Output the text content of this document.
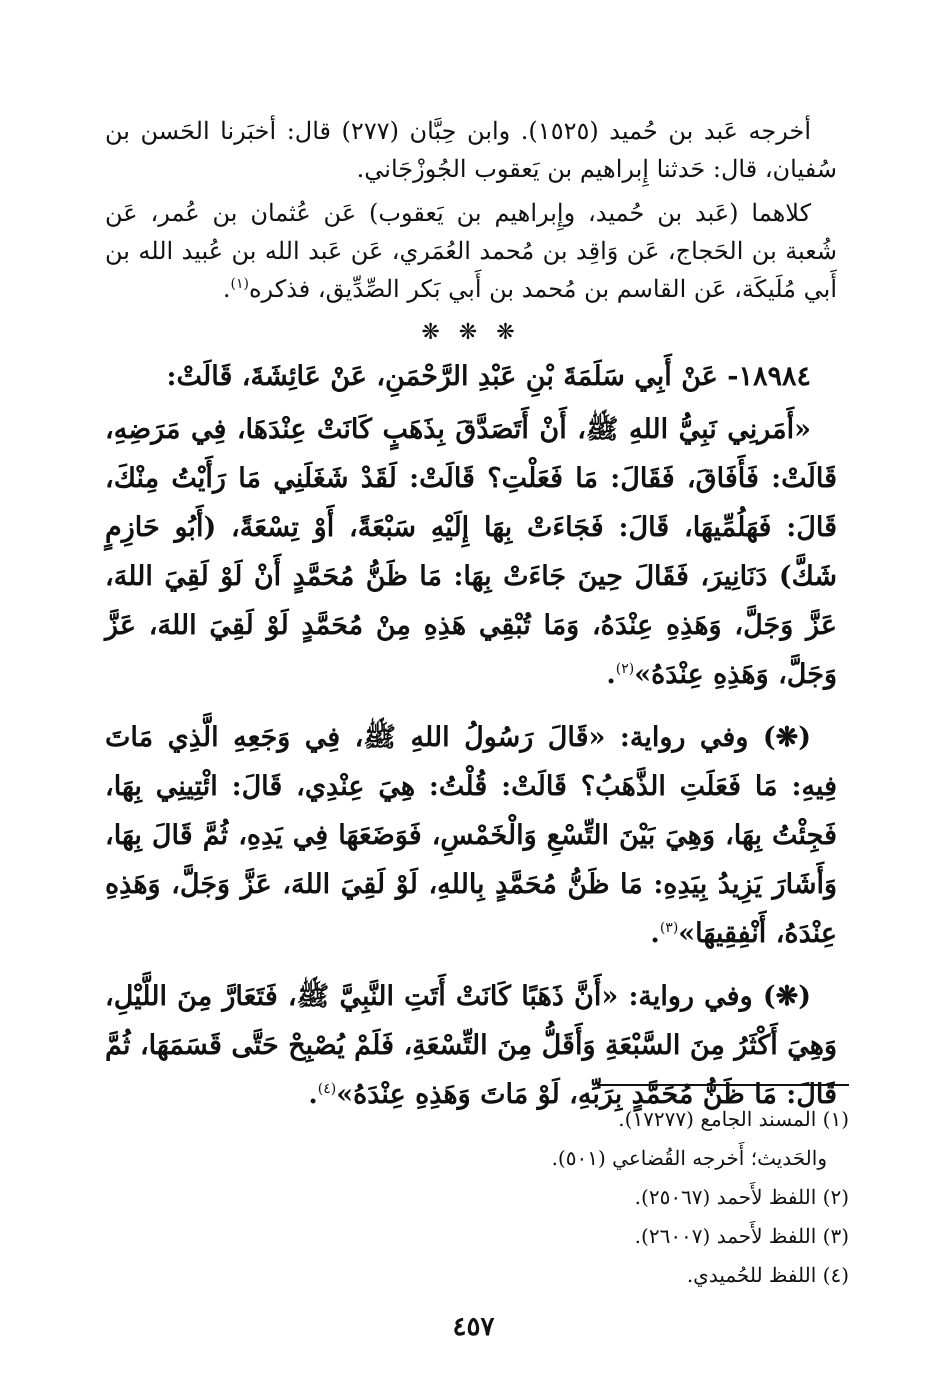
أخرجه عَبد بن حُميد (١٥٢٥). وابن حِبَّان (٢٧٧) قال: أخبَرنا الحَسن بن سُفيان، قال: حَدثنا إِبراهيم بن يَعقوب الجُوزْجَاني.

كلاهما (عَبد بن حُميد، وإِبراهيم بن يَعقوب) عَن عُثمان بن عُمر، عَن شُعبة بن الحَجاج، عَن وَاقِد بن مُحمد العُمَري، عَن عَبد الله بن عُبيد الله بن أَبي مُلَيكَة، عَن القاسم بن مُحمد بن أَبي بَكر الصِّدِّيق، فذكره$^{(١)}$.

❋ ❋ ❋

١٨٩٨٤- عَنْ أَبِي سَلَمَةَ بْنِ عَبْدِ الرَّحْمَنِ، عَنْ عَائِشَةَ، قَالَتْ:

«أَمَرنِي نَبِيُّ اللهِ ﷺ، أَنْ أَتَصَدَّقَ بِذَهَبٍ كَانَتْ عِنْدَهَا، فِي مَرَضِهِ، قَالَتْ: فَأَفَاقَ، فَقَالَ: مَا فَعَلْتِ؟ قَالَتْ: لَقَدْ شَغَلَنِي مَا رَأَيْتُ مِنْكَ، قَالَ: فَهَلُمِّيهَا، قَالَ: فَجَاءَتْ بِهَا إِلَيْهِ سَبْعَةً، أَوْ تِسْعَةً، (أَبُو حَازِمٍ شَكَّ) دَنَانِيرَ، فَقَالَ حِينَ جَاءَتْ بِهَا: مَا ظَنُّ مُحَمَّدٍ أَنْ لَوْ لَقِيَ اللهَ، عَزَّ وَجَلَّ، وَهَذِهِ عِنْدَهُ، وَمَا تُبْقِي هَذِهِ مِنْ مُحَمَّدٍ لَوْ لَقِيَ اللهَ، عَزَّ وَجَلَّ، وَهَذِهِ عِنْدَهُ»$^{(٢)}$.

(❋) وفي رواية: «قَالَ رَسُولُ اللهِ ﷺ، فِي وَجَعِهِ الَّذِي مَاتَ فِيهِ: مَا فَعَلَتِ الذَّهَبُ؟ قَالَتْ: قُلْتُ: هِيَ عِنْدِي، قَالَ: ائْتِينِي بِهَا، فَجِئْتُ بِهَا، وَهِيَ بَيْنَ التِّسْعِ وَالْخَمْسِ، فَوَضَعَهَا فِي يَدِهِ، ثُمَّ قَالَ بِهَا، وَأَشَارَ يَزِيدُ بِيَدِهِ: مَا ظَنُّ مُحَمَّدٍ بِاللهِ، لَوْ لَقِيَ اللهَ، عَزَّ وَجَلَّ، وَهَذِهِ عِنْدَهُ، أَنْفِقِيهَا»$^{(٣)}$.

(❋) وفي رواية: «أَنَّ ذَهَبًا كَانَتْ أَتَتِ النَّبِيَّ ﷺ، فَتَعَارَّ مِنَ اللَّيْلِ، وَهِيَ أَكْثَرُ مِنَ السَّبْعَةِ وَأَقَلُّ مِنَ التِّسْعَةِ، فَلَمْ يُصْبِحْ حَتَّى قَسَمَهَا، ثُمَّ قَالَ: مَا ظَنُّ مُحَمَّدٍ بِرَبِّهِ، لَوْ مَاتَ وَهَذِهِ عِنْدَهُ»$^{(٤)}$.

(١) المسند الجامع (١٧٢٧٧).
والحَديث؛ أَخرجه القُضاعي (٥٠١).
(٢) اللفظ لأَحمد (٢٥٠٦٧).
(٣) اللفظ لأَحمد (٢٦٠٠٧).
(٤) اللفظ للحُميدي.
٤٥٧
